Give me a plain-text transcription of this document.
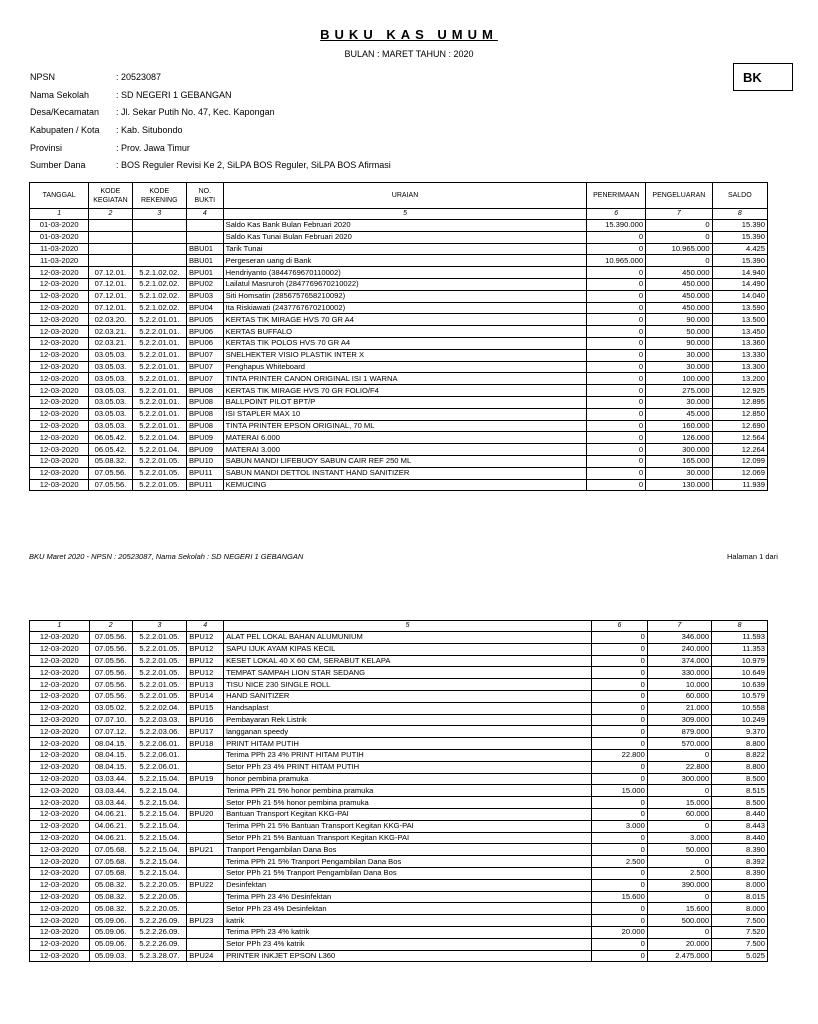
BUKU KAS UMUM
BULAN : MARET TAHUN : 2020
BK
NPSN	: 20523087
Nama Sekolah	: SD NEGERI 1 GEBANGAN
Desa/Kecamatan	: Jl. Sekar Putih No. 47, Kec. Kapongan
Kabupaten / Kota	: Kab. Situbondo
Provinsi	: Prov. Jawa Timur
Sumber Dana	: BOS Reguler Revisi Ke 2, SiLPA BOS Reguler, SiLPA BOS Afirmasi
TANGGAL	KODE KEGIATAN	KODE REKENING	NO. BUKTI	URAIAN	PENERIMAAN	PENGELUARAN	SALDO
1	2	3	4	5	6	7	8
01-03-2020				Saldo Kas Bank Bulan Februari 2020	15.390.000	0	15.390
01-03-2020				Saldo Kas Tunai Bulan Februari 2020	0	0	15.390
11-03-2020			BBU01	Tarik Tunai	0	10.965.000	4.425
11-03-2020			BBU01	Pergeseran uang di Bank	10.965.000	0	15.390
12-03-2020	07.12.01.	5.2.1.02.02.	BPU01	Hendriyanto (3844769670110002)	0	450.000	14.940
12-03-2020	07.12.01.	5.2.1.02.02.	BPU02	Lailatul Masruroh (2847769670210022)	0	450.000	14.490
12-03-2020	07.12.01.	5.2.1.02.02.	BPU03	Siti Homsatin (2856757658210092)	0	450.000	14.040
12-03-2020	07.12.01.	5.2.1.02.02.	BPU04	Ita Riskiawati (2437767670210002)	0	450.000	13.590
12-03-2020	02.03.20.	5.2.2.01.01.	BPU05	KERTAS TIK MIRAGE HVS 70 GR A4	0	90.000	13.500
12-03-2020	02.03.21.	5.2.2.01.01.	BPU06	KERTAS BUFFALO	0	50.000	13.450
12-03-2020	02.03.21.	5.2.2.01.01.	BPU06	KERTAS TIK POLOS HVS 70 GR A4	0	90.000	13.360
12-03-2020	03.05.03.	5.2.2.01.01.	BPU07	SNELHEKTER VISIO PLASTIK INTER X	0	30.000	13.330
12-03-2020	03.05.03.	5.2.2.01.01.	BPU07	Penghapus Whiteboard	0	30.000	13.300
12-03-2020	03.05.03.	5.2.2.01.01.	BPU07	TINTA PRINTER CANON ORIGINAL ISI 1 WARNA	0	100.000	13.200
12-03-2020	03.05.03.	5.2.2.01.01.	BPU08	KERTAS TIK MIRAGE HVS 70 GR FOLIO/F4	0	275.000	12.925
12-03-2020	03.05.03.	5.2.2.01.01.	BPU08	BALLPOINT PILOT BPT/P	0	30.000	12.895
12-03-2020	03.05.03.	5.2.2.01.01.	BPU08	ISI STAPLER MAX 10	0	45.000	12.850
12-03-2020	03.05.03.	5.2.2.01.01.	BPU08	TINTA PRINTER EPSON ORIGINAL, 70 ML	0	160.000	12.690
12-03-2020	06.05.42.	5.2.2.01.04.	BPU09	MATERAI 6.000	0	126.000	12.564
12-03-2020	06.05.42.	5.2.2.01.04.	BPU09	MATERAI 3.000	0	300.000	12.264
12-03-2020	05.08.32.	5.2.2.01.05.	BPU10	SABUN MANDI LIFEBUOY SABUN CAIR REF 250 ML	0	165.000	12.099
12-03-2020	07.05.56.	5.2.2.01.05.	BPU11	SABUN MANDI DETTOL INSTANT HAND SANITIZER	0	30.000	12.069
12-03-2020	07.05.56.	5.2.2.01.05.	BPU11	KEMUCING	0	130.000	11.939
BKU Maret 2020 - NPSN : 20523087, Nama Sekolah : SD NEGERI 1 GEBANGAN	Halaman 1 dari
1	2	3	4	5	6	7	8
12-03-2020	07.05.56.	5.2.2.01.05.	BPU12	ALAT PEL LOKAL BAHAN ALUMUNIUM	0	346.000	11.593
12-03-2020	07.05.56.	5.2.2.01.05.	BPU12	SAPU IJUK AYAM KIPAS KECIL	0	240.000	11.353
12-03-2020	07.05.56.	5.2.2.01.05.	BPU12	KESET LOKAL 40 X 60 CM, SERABUT KELAPA	0	374.000	10.979
12-03-2020	07.05.56.	5.2.2.01.05.	BPU12	TEMPAT SAMPAH LION STAR SEDANG	0	330.000	10.649
12-03-2020	07.05.56.	5.2.2.01.05.	BPU13	TISU NICE 230 SINGLE ROLL	0	10.000	10.639
12-03-2020	07.05.56.	5.2.2.01.05.	BPU14	HAND SANITIZER	0	60.000	10.579
12-03-2020	03.05.02.	5.2.2.02.04.	BPU15	Handsaplast	0	21.000	10.558
12-03-2020	07.07.10.	5.2.2.03.03.	BPU16	Pembayaran Rek Listrik	0	309.000	10.249
12-03-2020	07.07.12.	5.2.2.03.06.	BPU17	langganan speedy	0	879.000	9.370
12-03-2020	08.04.15.	5.2.2.06.01.	BPU18	PRINT HITAM PUTIH	0	570.000	8.800
12-03-2020	08.04.15.	5.2.2.06.01.		Terima PPh 23 4% PRINT HITAM PUTIH	22.800	0	8.822
12-03-2020	08.04.15.	5.2.2.06.01.		Setor PPh 23 4% PRINT HITAM PUTIH	0	22.800	8.800
12-03-2020	03.03.44.	5.2.2.15.04.	BPU19	honor pembina pramuka	0	300.000	8.500
12-03-2020	03.03.44.	5.2.2.15.04.		Terima PPh 21 5% honor pembina pramuka	15.000	0	8.515
12-03-2020	03.03.44.	5.2.2.15.04.		Setor PPh 21 5% honor pembina pramuka	0	15.000	8.500
12-03-2020	04.06.21.	5.2.2.15.04.	BPU20	Bantuan Transport Kegitan KKG-PAI	0	60.000	8.440
12-03-2020	04.06.21.	5.2.2.15.04.		Terima PPh 21 5% Bantuan Transport Kegitan KKG-PAI	3.000	0	8.443
12-03-2020	04.06.21.	5.2.2.15.04.		Setor PPh 21 5% Bantuan Transport Kegitan KKG-PAI	0	3.000	8.440
12-03-2020	07.05.68.	5.2.2.15.04.	BPU21	Tranport Pengambilan Dana Bos	0	50.000	8.390
12-03-2020	07.05.68.	5.2.2.15.04.		Terima PPh 21 5% Tranport Pengambilan Dana Bos	2.500	0	8.392
12-03-2020	07.05.68.	5.2.2.15.04.		Setor PPh 21 5% Tranport Pengambilan Dana Bos	0	2.500	8.390
12-03-2020	05.08.32.	5.2.2.20.05.	BPU22	Desinfektan	0	390.000	8.000
12-03-2020	05.08.32.	5.2.2.20.05.		Terima PPh 23 4% Desinfektan	15.600	0	8.015
12-03-2020	05.08.32.	5.2.2.20.05.		Setor PPh 23 4% Desinfektan	0	15.600	8.000
12-03-2020	05.09.06.	5.2.2.26.09.	BPU23	katrik	0	500.000	7.500
12-03-2020	05.09.06.	5.2.2.26.09.		Terima PPh 23 4% katrik	20.000	0	7.520
12-03-2020	05.09.06.	5.2.2.26.09.		Setor PPh 23 4% katrik	0	20.000	7.500
12-03-2020	05.09.03.	5.2.3.28.07.	BPU24	PRINTER INKJET EPSON L360	0	2.475.000	5.025
